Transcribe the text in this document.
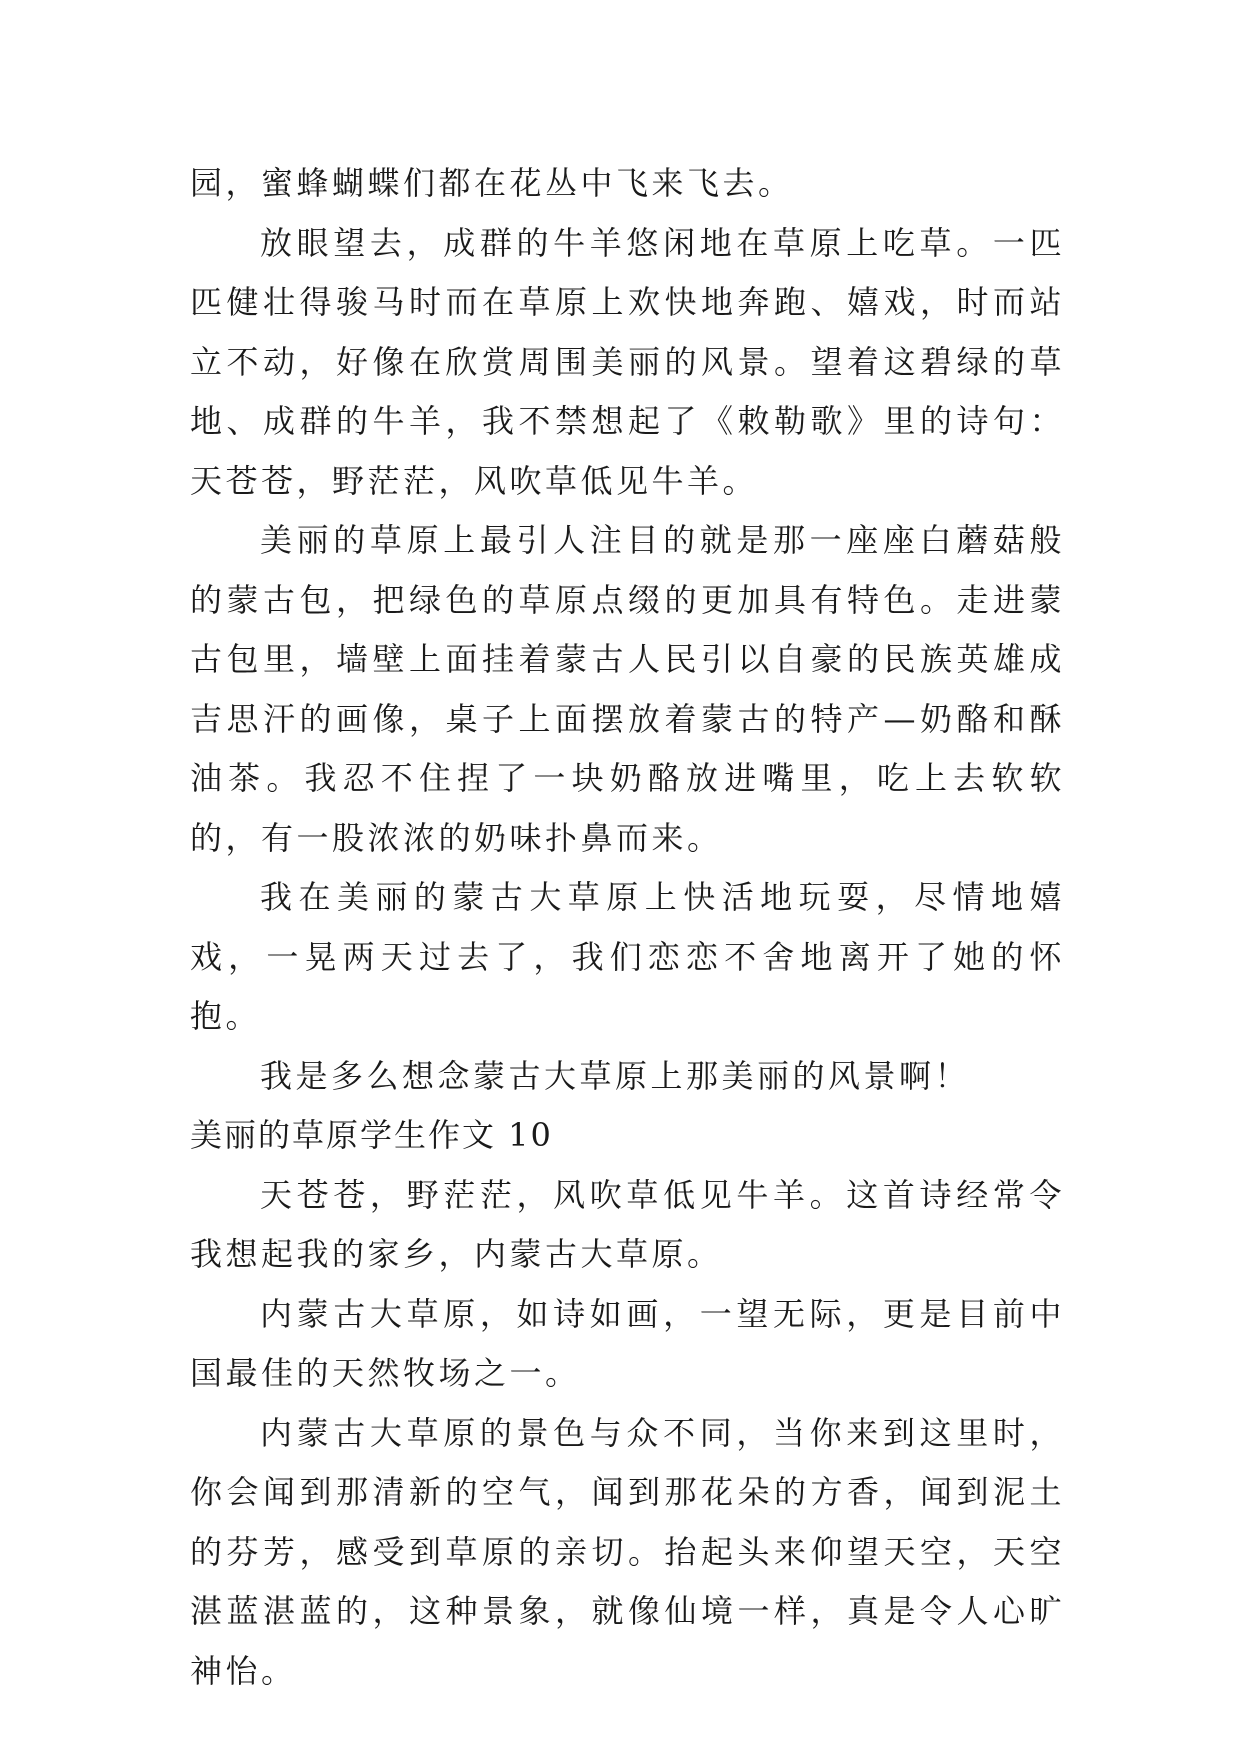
园，蜜蜂蝴蝶们都在花丛中飞来飞去。

放眼望去，成群的牛羊悠闲地在草原上吃草。一匹匹健壮得骏马时而在草原上欢快地奔跑、嬉戏，时而站立不动，好像在欣赏周围美丽的风景。望着这碧绿的草地、成群的牛羊，我不禁想起了《敕勒歌》里的诗句：天苍苍，野茫茫，风吹草低见牛羊。

美丽的草原上最引人注目的就是那一座座白蘑菇般的蒙古包，把绿色的草原点缀的更加具有特色。走进蒙古包里，墙壁上面挂着蒙古人民引以自豪的民族英雄成吉思汗的画像，桌子上面摆放着蒙古的特产—奶酪和酥油茶。我忍不住捏了一块奶酪放进嘴里，吃上去软软的，有一股浓浓的奶味扑鼻而来。

我在美丽的蒙古大草原上快活地玩耍，尽情地嬉戏，一晃两天过去了，我们恋恋不舍地离开了她的怀抱。

我是多么想念蒙古大草原上那美丽的风景啊！

美丽的草原学生作文 10

天苍苍，野茫茫，风吹草低见牛羊。这首诗经常令我想起我的家乡，内蒙古大草原。

内蒙古大草原，如诗如画，一望无际，更是目前中国最佳的天然牧场之一。

内蒙古大草原的景色与众不同，当你来到这里时，你会闻到那清新的空气，闻到那花朵的方香，闻到泥土的芬芳，感受到草原的亲切。抬起头来仰望天空，天空湛蓝湛蓝的，这种景象，就像仙境一样，真是令人心旷神怡。
